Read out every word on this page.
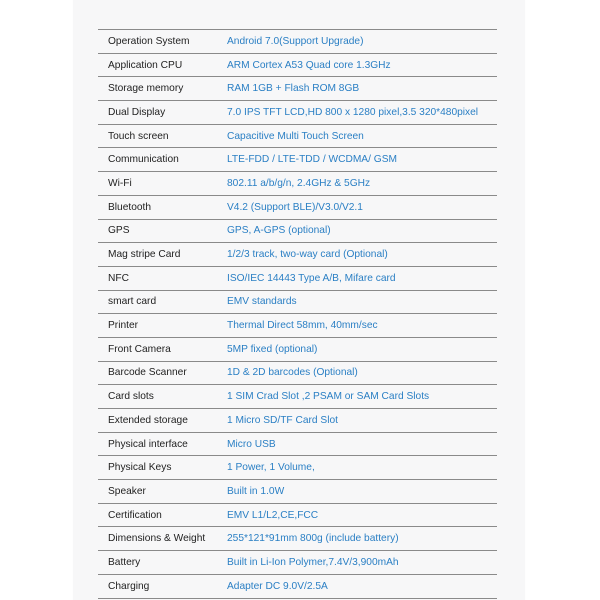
Operation System	Android 7.0(Support Upgrade)
Application CPU	ARM Cortex A53 Quad core 1.3GHz
Storage memory	RAM 1GB + Flash ROM 8GB
Dual Display	7.0 IPS TFT LCD,HD 800 x 1280 pixel,3.5 320*480pixel
Touch screen	Capacitive Multi Touch Screen
Communication	LTE-FDD / LTE-TDD / WCDMA/ GSM
Wi-Fi	802.11 a/b/g/n, 2.4GHz & 5GHz
Bluetooth	V4.2 (Support BLE)/V3.0/V2.1
GPS	GPS, A-GPS (optional)
Mag stripe Card	1/2/3 track, two-way card (Optional)
NFC	ISO/IEC 14443 Type A/B, Mifare card
smart card	EMV standards
Printer	Thermal Direct 58mm, 40mm/sec
Front Camera	5MP fixed (optional)
Barcode Scanner	1D & 2D barcodes (Optional)
Card slots	1 SIM Crad Slot ,2 PSAM or SAM Card Slots
Extended storage	1 Micro SD/TF Card Slot
Physical interface	Micro USB
Physical Keys	1 Power, 1 Volume,
Speaker	Built in 1.0W
Certification	EMV L1/L2,CE,FCC
Dimensions & Weight	255*121*91mm 800g (include battery)
Battery	Built in Li-Ion Polymer,7.4V/3,900mAh
Charging	Adapter DC 9.0V/2.5A
